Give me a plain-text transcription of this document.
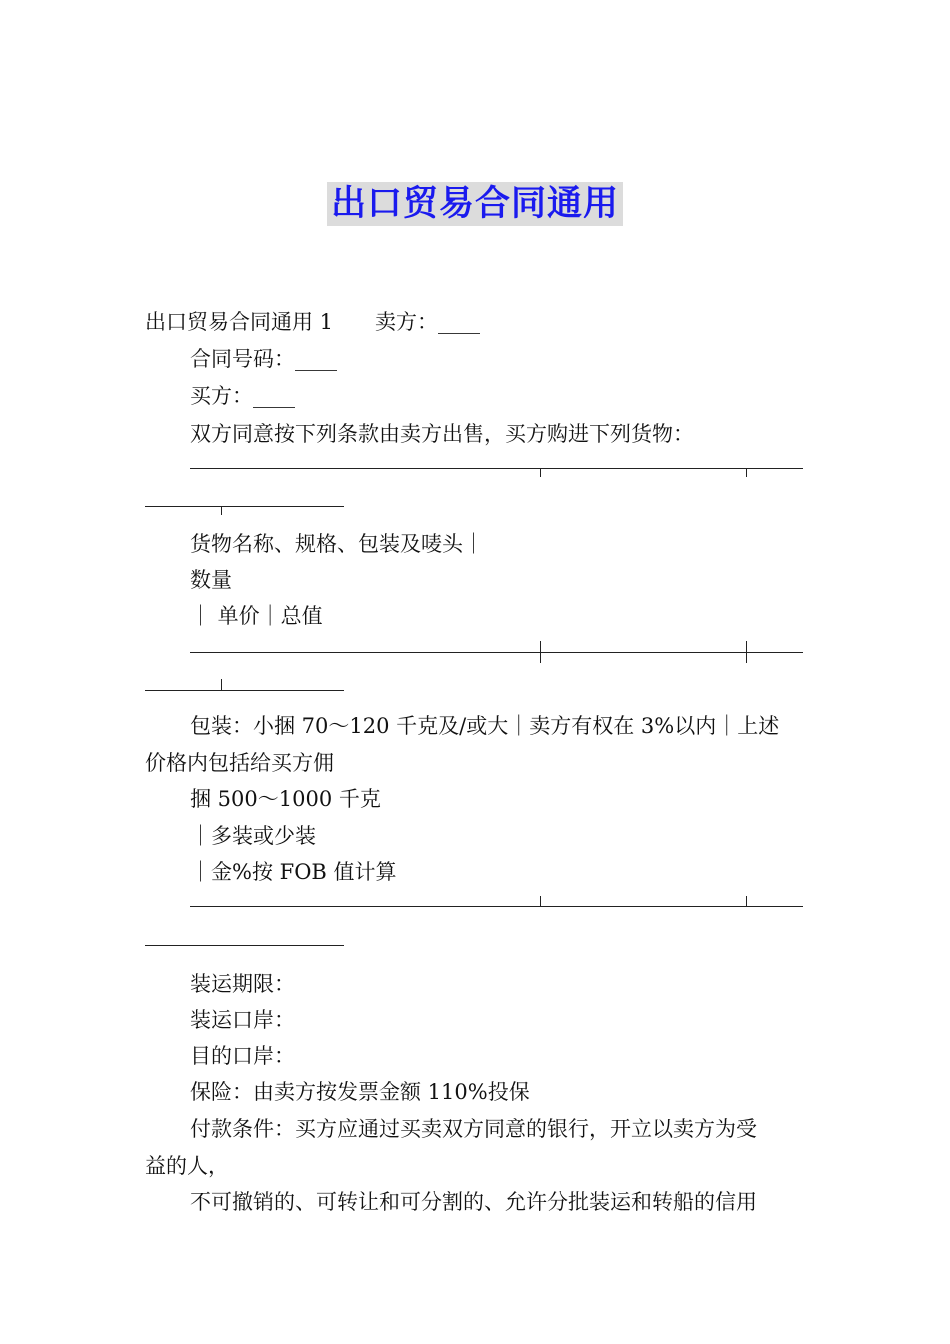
出口贸易合同通用
出口贸易合同通用 1　　卖方：____
合同号码：____
买方：____
双方同意按下列条款由卖方出售，买方购进下列货物：
货物名称、规格、包装及唛头｜
数量
｜ 单价｜总值
包装：小捆 70～120 千克及/或大｜卖方有权在 3%以内｜上述
价格内包括给买方佣
捆 500～1000 千克
｜多装或少装
｜金%按 FOB 值计算
装运期限：
装运口岸：
目的口岸：
保险：由卖方按发票金额 110%投保
付款条件：买方应通过买卖双方同意的银行，开立以卖方为受
益的人，
不可撤销的、可转让和可分割的、允许分批装运和转船的信用
